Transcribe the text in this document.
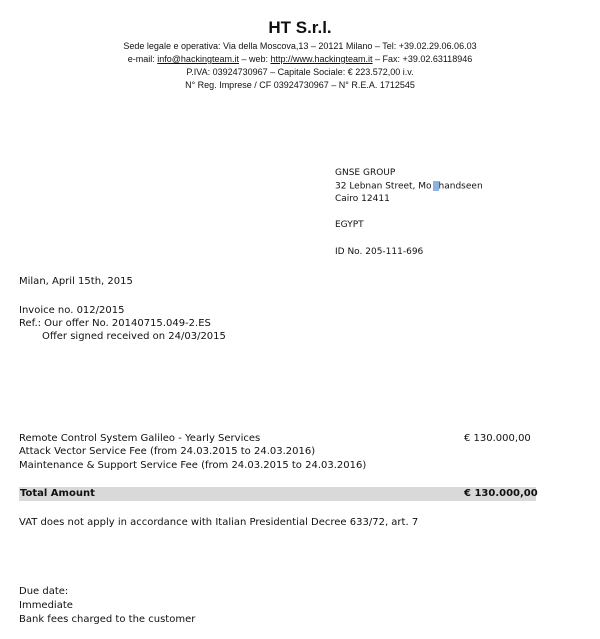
HT S.r.l.
Sede legale e operativa: Via della Moscova,13 – 20121 Milano – Tel: +39.02.29.06.06.03
e-mail: info@hackingteam.it – web: http://www.hackingteam.it – Fax: +39.02.63118946
P.IVA: 03924730967 – Capitale Sociale: € 223.572,00 i.v.
N° Reg. Imprese / CF 03924730967 – N° R.E.A. 1712545
GNSE GROUP
32 Lebnan Street, Mo handseen
Cairo 12411
EGYPT
ID No. 205-111-696
Milan, April 15th, 2015
Invoice no. 012/2015
Ref.: Our offer No. 20140715.049-2.ES
Offer signed received on 24/03/2015
Remote Control System Galileo - Yearly Services	€ 130.000,00
Attack Vector Service Fee (from 24.03.2015 to 24.03.2016)
Maintenance & Support Service Fee (from 24.03.2015 to 24.03.2016)
Total Amount	€ 130.000,00
VAT does not apply in accordance with Italian Presidential Decree 633/72, art. 7
Due date:
Immediate
Bank fees charged to the customer
